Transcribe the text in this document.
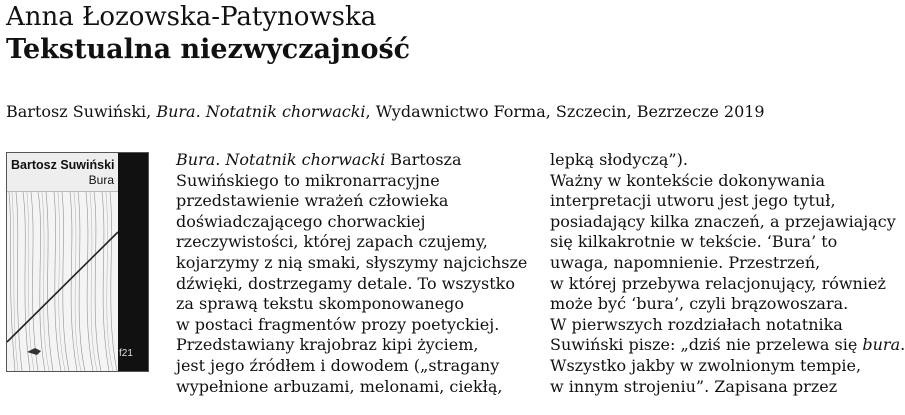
Anna Łozowska-Patynowska
Tekstualna niezwyczajność

Bartosz Suwiński, Bura. Notatnik chorwacki, Wydawnictwo Forma, Szczecin, Bezrzecze 2019

Bartosz Suwiński
Bura
f21
Bura. Notatnik chorwacki Bartosza
Suwińskiego to mikronarracyjne
przedstawienie wrażeń człowieka
doświadczającego chorwackiej
rzeczywistości, której zapach czujemy,
kojarzymy z nią smaki, słyszymy najcichsze
dźwięki, dostrzegamy detale. To wszystko
za sprawą tekstu skomponowanego
w postaci fragmentów prozy poetyckiej.
Przedstawiany krajobraz kipi życiem,
jest jego źródłem i dowodem („stragany
wypełnione arbuzami, melonami, ciekłą,
lepką słodyczą”).
Ważny w kontekście dokonywania
interpretacji utworu jest jego tytuł,
posiadający kilka znaczeń, a przejawiający
się kilkakrotnie w tekście. ‘Bura’ to
uwaga, napomnienie. Przestrzeń,
w której przebywa relacjonujący, również
może być ‘bura’, czyli brązowoszara.
W pierwszych rozdziałach notatnika
Suwiński pisze: „dziś nie przelewa się bura.
Wszystko jakby w zwolnionym tempie,
w innym strojeniu”. Zapisana przez
